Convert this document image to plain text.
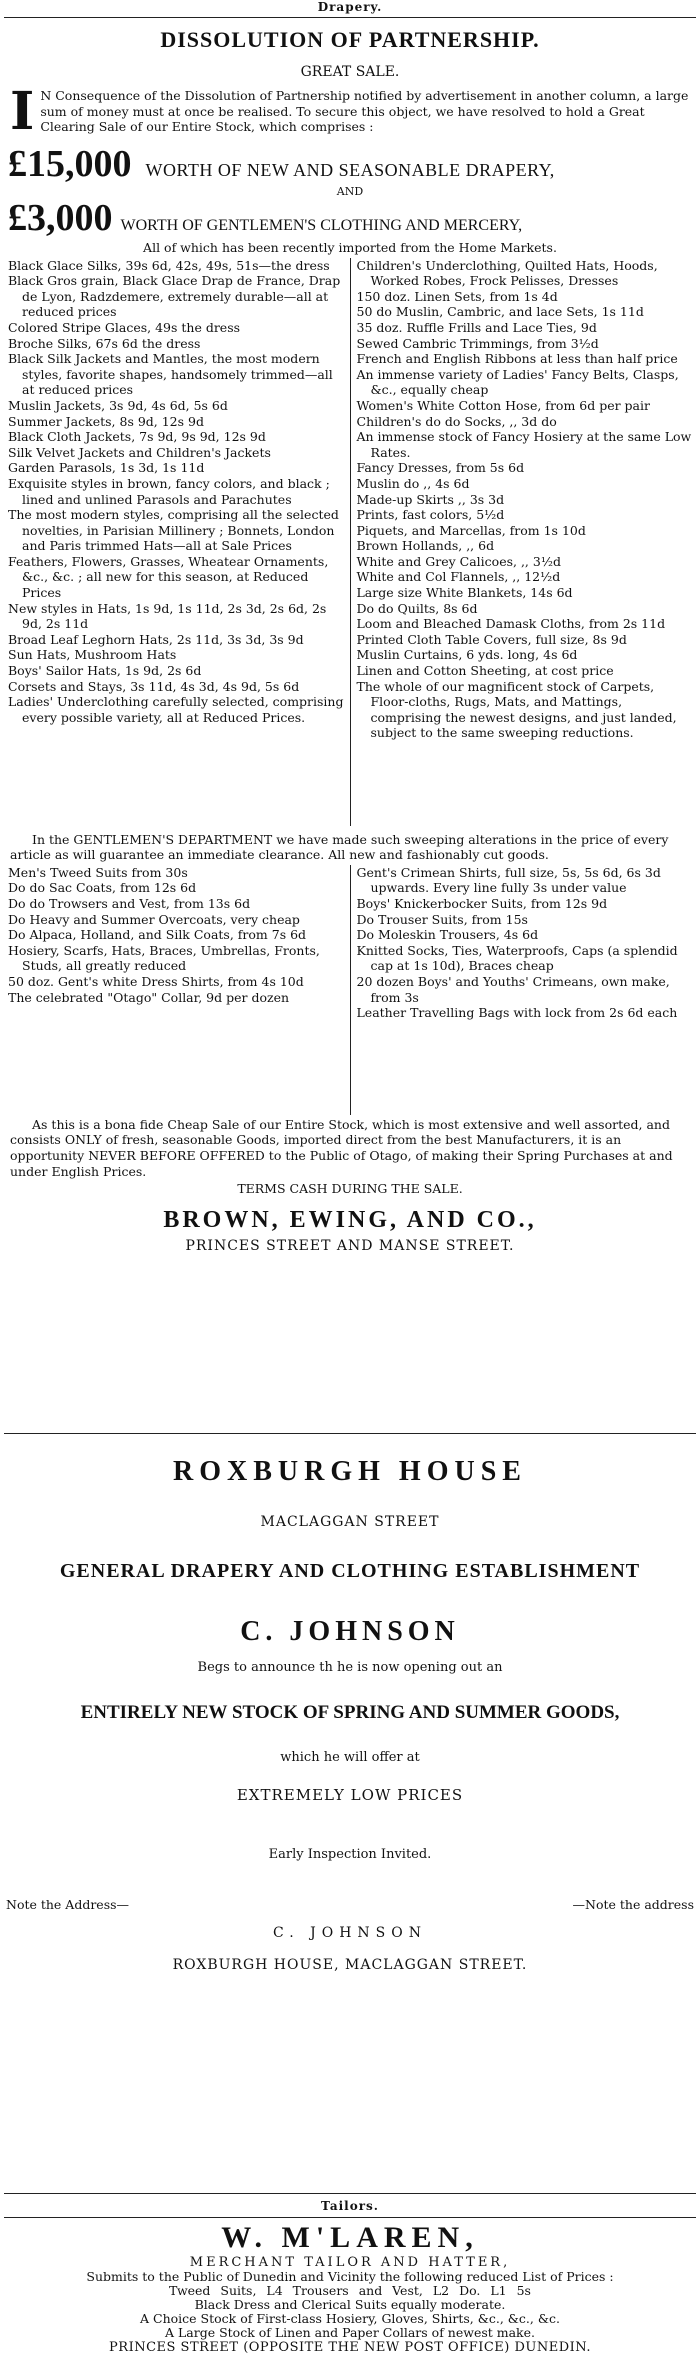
Drapery.
DISSOLUTION OF PARTNERSHIP.
GREAT SALE.
I N Consequence of the Dissolution of Partnership notified by advertisement in another column, a large sum of money must at once be realised. To secure this object, we have resolved to hold a Great Clearing Sale of our Entire Stock, which comprises :
£15,000 WORTH OF NEW AND SEASONABLE DRAPERY,
AND
£3,000 WORTH OF GENTLEMEN'S CLOTHING AND MERCERY,
All of which has been recently imported from the Home Markets.
Black Glace Silks, 39s 6d, 42s, 49s, 51s—the dress
Black Gros grain, Black Glace Drap de France, Drap de Lyon, Radzdemere, extremely durable—all at reduced prices
Colored Stripe Glaces, 49s the dress
Broche Silks, 67s 6d the dress
Black Silk Jackets and Mantles, the most modern styles, favorite shapes, handsomely trimmed—all at reduced prices
Muslin Jackets, 3s 9d, 4s 6d, 5s 6d
Summer Jackets, 8s 9d, 12s 9d
Black Cloth Jackets, 7s 9d, 9s 9d, 12s 9d
Silk Velvet Jackets and Children's Jackets
Garden Parasols, 1s 3d, 1s 11d
Exquisite styles in brown, fancy colors, and black ; lined and unlined Parasols and Parachutes
The most modern styles, comprising all the selected novelties, in Parisian Millinery ; Bonnets, London and Paris trimmed Hats—all at Sale Prices
Feathers, Flowers, Grasses, Wheatear Ornaments, &c., &c. ; all new for this season, at Reduced Prices
New styles in Hats, 1s 9d, 1s 11d, 2s 3d, 2s 6d, 2s 9d, 2s 11d
Broad Leaf Leghorn Hats, 2s 11d, 3s 3d, 3s 9d
Sun Hats, Mushroom Hats
Boys' Sailor Hats, 1s 9d, 2s 6d
Corsets and Stays, 3s 11d, 4s 3d, 4s 9d, 5s 6d
Ladies' Underclothing carefully selected, comprising every possible variety, all at Reduced Prices.
Children's Underclothing, Quilted Hats, Hoods, Worked Robes, Frock Pelisses, Dresses
150 doz. Linen Sets, from 1s 4d
50 do Muslin, Cambric, and lace Sets, 1s 11d
35 doz. Ruffle Frills and Lace Ties, 9d
Sewed Cambric Trimmings, from 3½d
French and English Ribbons at less than half price
An immense variety of Ladies' Fancy Belts, Clasps, &c., equally cheap
Women's White Cotton Hose, from 6d per pair
Children's do do Socks, ,, 3d do
An immense stock of Fancy Hosiery at the same Low Rates.
Fancy Dresses, from 5s 6d
Muslin do ,, 4s 6d
Made-up Skirts ,, 3s 3d
Prints, fast colors, 5½d
Piquets, and Marcellas, from 1s 10d
Brown Hollands, ,, 6d
White and Grey Calicoes, ,, 3½d
White and Col Flannels, ,, 12½d
Large size White Blankets, 14s 6d
Do do Quilts, 8s 6d
Loom and Bleached Damask Cloths, from 2s 11d
Printed Cloth Table Covers, full size, 8s 9d
Muslin Curtains, 6 yds. long, 4s 6d
Linen and Cotton Sheeting, at cost price
The whole of our magnificent stock of Carpets, Floor-cloths, Rugs, Mats, and Mattings, comprising the newest designs, and just landed, subject to the same sweeping reductions.
In the GENTLEMEN'S DEPARTMENT we have made such sweeping alterations in the price of every article as will guarantee an immediate clearance. All new and fashionably cut goods.
Men's Tweed Suits from 30s
Do do Sac Coats, from 12s 6d
Do do Trowsers and Vest, from 13s 6d
Do Heavy and Summer Overcoats, very cheap
Do Alpaca, Holland, and Silk Coats, from 7s 6d
Hosiery, Scarfs, Hats, Braces, Umbrellas, Fronts, Studs, all greatly reduced
50 doz. Gent's white Dress Shirts, from 4s 10d
The celebrated "Otago" Collar, 9d per dozen
Gent's Crimean Shirts, full size, 5s, 5s 6d, 6s 3d upwards. Every line fully 3s under value
Boys' Knickerbocker Suits, from 12s 9d
Do Trouser Suits, from 15s
Do Moleskin Trousers, 4s 6d
Knitted Socks, Ties, Waterproofs, Caps (a splendid cap at 1s 10d), Braces cheap
20 dozen Boys' and Youths' Crimeans, own make, from 3s
Leather Travelling Bags with lock from 2s 6d each
As this is a bona fide Cheap Sale of our Entire Stock, which is most extensive and well assorted, and consists ONLY of fresh, seasonable Goods, imported direct from the best Manufacturers, it is an opportunity NEVER BEFORE OFFERED to the Public of Otago, of making their Spring Purchases at and under English Prices.
TERMS CASH DURING THE SALE.
BROWN, EWING, AND CO.,
PRINCES STREET AND MANSE STREET.
ROXBURGH HOUSE
MACLAGGAN STREET
GENERAL DRAPERY AND CLOTHING ESTABLISHMENT
C. JOHNSON
Begs to announce th he is now opening out an
ENTIRELY NEW STOCK OF SPRING AND SUMMER GOODS,
which he will offer at
EXTREMELY LOW PRICES
Early Inspection Invited.
Note the Address—	—Note the address
C. JOHNSON
ROXBURGH HOUSE, MACLAGGAN STREET.
Tailors.
W. M'LAREN,
MERCHANT TAILOR AND HATTER,
Submits to the Public of Dunedin and Vicinity the following reduced List of Prices :
Tweed Suits, L4 Trousers and Vest, L2 Do. L1 5s
Black Dress and Clerical Suits equally moderate.
A Choice Stock of First-class Hosiery, Gloves, Shirts, &c., &c., &c.
A Large Stock of Linen and Paper Collars of newest make.
PRINCES STREET (OPPOSITE THE NEW POST OFFICE) DUNEDIN.
